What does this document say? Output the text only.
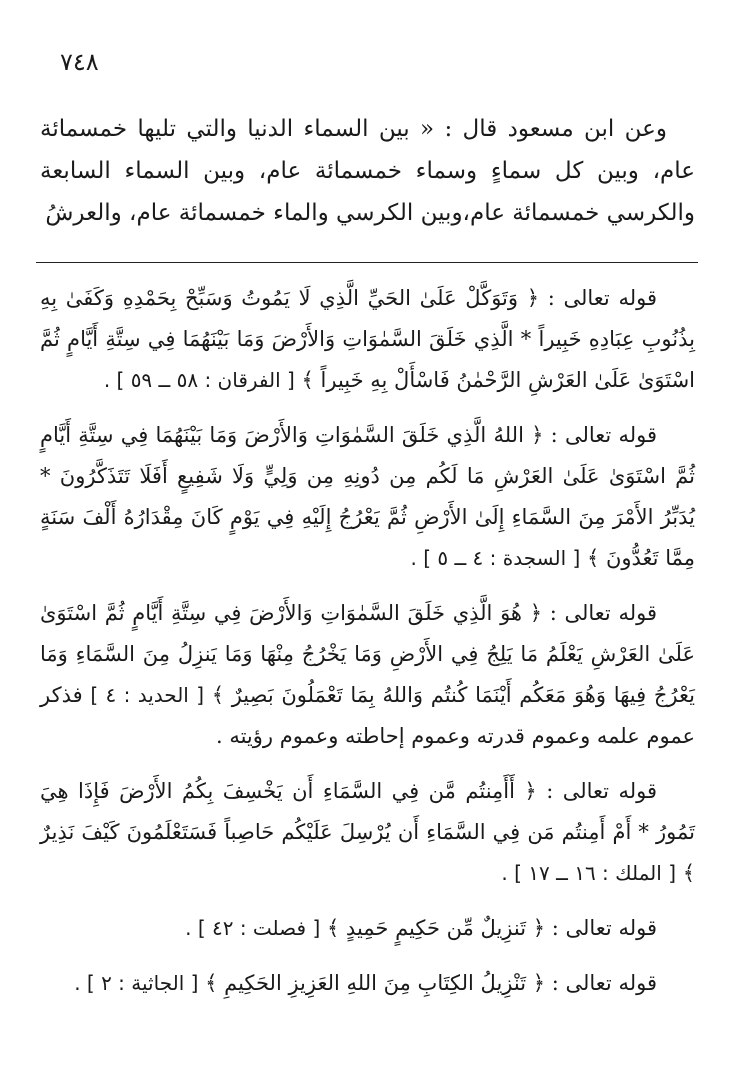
٧٤٨

وعن ابن مسعود قال : « بين السماء الدنيا والتي تليها خمسمائة عام، وبين كل سماءٍ وسماء خمسمائة عام، وبين السماء السابعة والكرسي خمسمائة عام،وبين الكرسي والماء خمسمائة عام، والعرشُ

قوله تعالى : ﴿ وَتَوَكَّلْ عَلَىٰ الحَيِّ الَّذِي لَا يَمُوتُ وَسَبِّحْ بِحَمْدِهِ وَكَفَىٰ بِهِ بِذُنُوبِ عِبَادِهِ خَبِيراً * الَّذِي خَلَقَ السَّمٰوَاتِ وَالأَرْضَ وَمَا بَيْنَهُمَا فِي سِتَّةِ أَيَّامٍ ثُمَّ اسْتَوَىٰ عَلَىٰ العَرْشِ الرَّحْمٰنُ فَاسْأَلْ بِهِ خَبِيراً ﴾ [ الفرقان : ٥٨ ــ ٥٩ ] .
قوله تعالى : ﴿ اللهُ الَّذِي خَلَقَ السَّمٰوَاتِ وَالأَرْضَ وَمَا بَيْنَهُمَا فِي سِتَّةِ أَيَّامٍ ثُمَّ اسْتَوَىٰ عَلَىٰ العَرْشِ مَا لَكُم مِن دُونِهِ مِن وَلِيٍّ وَلَا شَفِيعٍ أَفَلَا تَتَذَكَّرُونَ * يُدَبِّرُ الأَمْرَ مِنَ السَّمَاءِ إِلَىٰ الأَرْضِ ثُمَّ يَعْرُجُ إِلَيْهِ فِي يَوْمٍ كَانَ مِقْدَارُهُ أَلْفَ سَنَةٍ مِمَّا تَعُدُّونَ ﴾ [ السجدة : ٤ ــ ٥ ] .
قوله تعالى : ﴿ هُوَ الَّذِي خَلَقَ السَّمٰوَاتِ وَالأَرْضَ فِي سِتَّةِ أَيَّامٍ ثُمَّ اسْتَوَىٰ عَلَىٰ العَرْشِ يَعْلَمُ مَا يَلِجُ فِي الأَرْضِ وَمَا يَخْرُجُ مِنْهَا وَمَا يَنزِلُ مِنَ السَّمَاءِ وَمَا يَعْرُجُ فِيهَا وَهُوَ مَعَكُم أَيْنَمَا كُنتُم وَاللهُ بِمَا تَعْمَلُونَ بَصِيرٌ ﴾ [ الحديد : ٤ ] فذكر عموم علمه وعموم قدرته وعموم إحاطته وعموم رؤيته .
قوله تعالى : ﴿ أَأَمِنتُم مَّن فِي السَّمَاءِ أَن يَخْسِفَ بِكُمُ الأَرْضَ فَإِذَا هِيَ تَمُورُ * أَمْ أَمِنتُم مَن فِي السَّمَاءِ أَن يُرْسِلَ عَلَيْكُم حَاصِباً فَسَتَعْلَمُونَ كَيْفَ نَذِيرٌ ﴾ [ الملك : ١٦ ــ ١٧ ] .
قوله تعالى : ﴿ تَنزِيلٌ مِّن حَكِيمٍ حَمِيدٍ ﴾ [ فصلت : ٤٢ ] .
قوله تعالى : ﴿ تَنْزِيلُ الكِتَابِ مِنَ اللهِ العَزِيزِ الحَكِيمِ ﴾ [ الجاثية : ٢ ] .
